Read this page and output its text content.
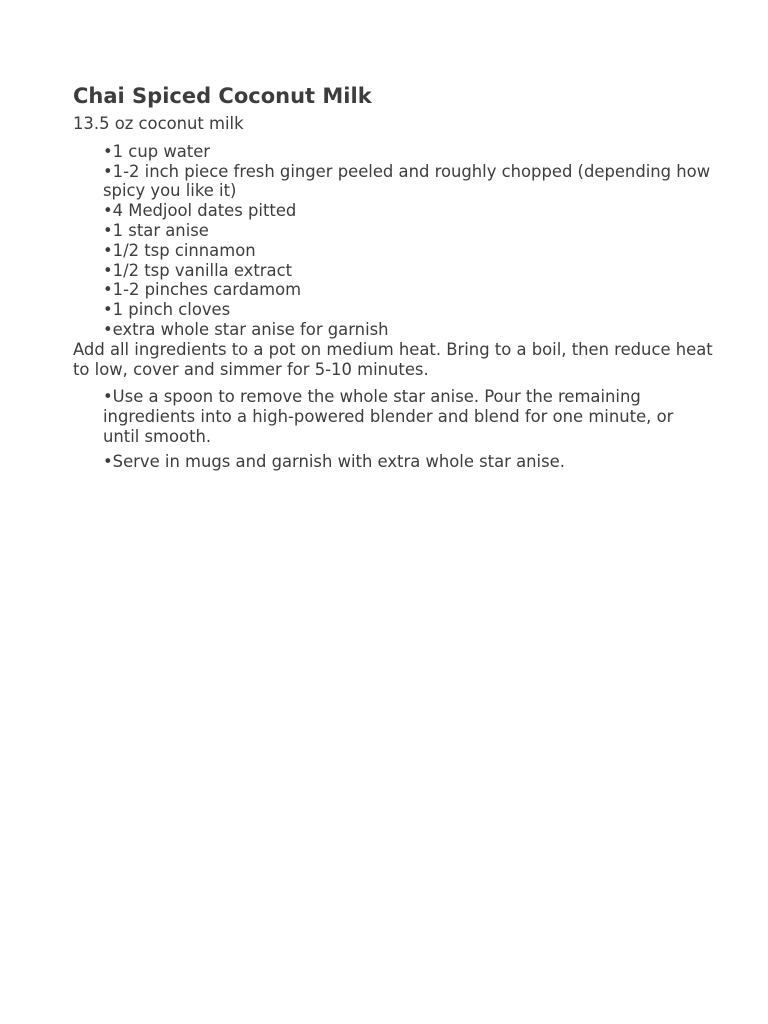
Chai Spiced Coconut Milk

13.5 oz coconut milk

•1 cup water
•1-2 inch piece fresh ginger peeled and roughly chopped (depending how spicy you like it)
•4 Medjool dates pitted
•1 star anise
•1/2 tsp cinnamon
•1/2 tsp vanilla extract
•1-2 pinches cardamom
•1 pinch cloves
•extra whole star anise for garnish

Add all ingredients to a pot on medium heat. Bring to a boil, then reduce heat to low, cover and simmer for 5-10 minutes.

•Use a spoon to remove the whole star anise. Pour the remaining ingredients into a high-powered blender and blend for one minute, or until smooth.
•Serve in mugs and garnish with extra whole star anise.
